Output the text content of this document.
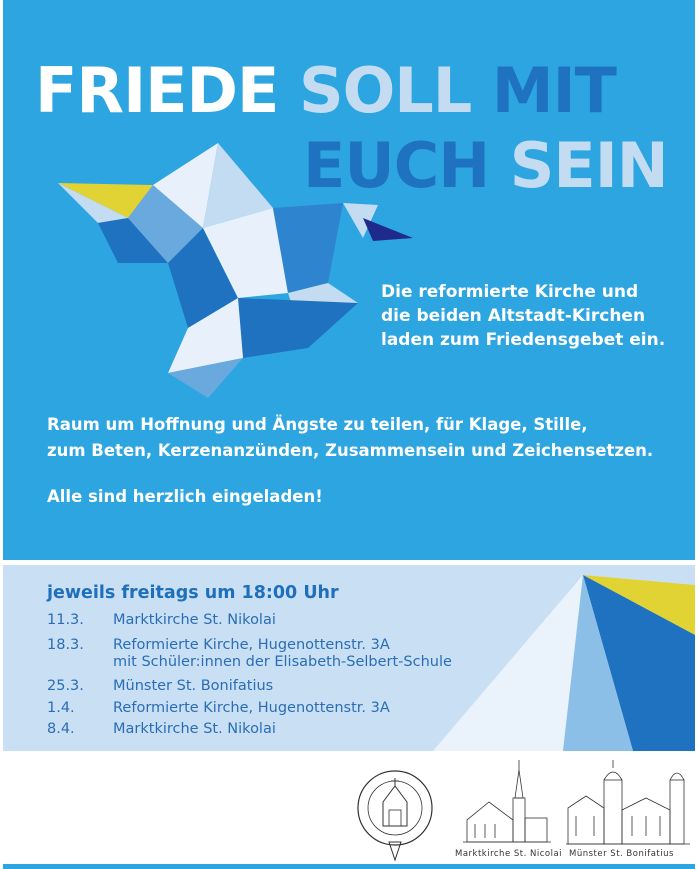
FRIEDE SOLL MIT
EUCH SEIN
Die reformierte Kirche und
die beiden Altstadt-Kirchen
laden zum Friedensgebet ein.
Raum um Hoffnung und Ängste zu teilen, für Klage, Stille,
zum Beten, Kerzenanzünden, Zusammensein und Zeichensetzen.
Alle sind herzlich eingeladen!
jeweils freitags um 18:00 Uhr
11.3.	Marktkirche St. Nikolai
18.3.	Reformierte Kirche, Hugenottenstr. 3A
mit Schüler:innen der Elisabeth-Selbert-Schule
25.3.	Münster St. Bonifatius
1.4.	Reformierte Kirche, Hugenottenstr. 3A
8.4.	Marktkirche St. Nikolai
Marktkirche St. Nicolai Münster St. Bonifatius
